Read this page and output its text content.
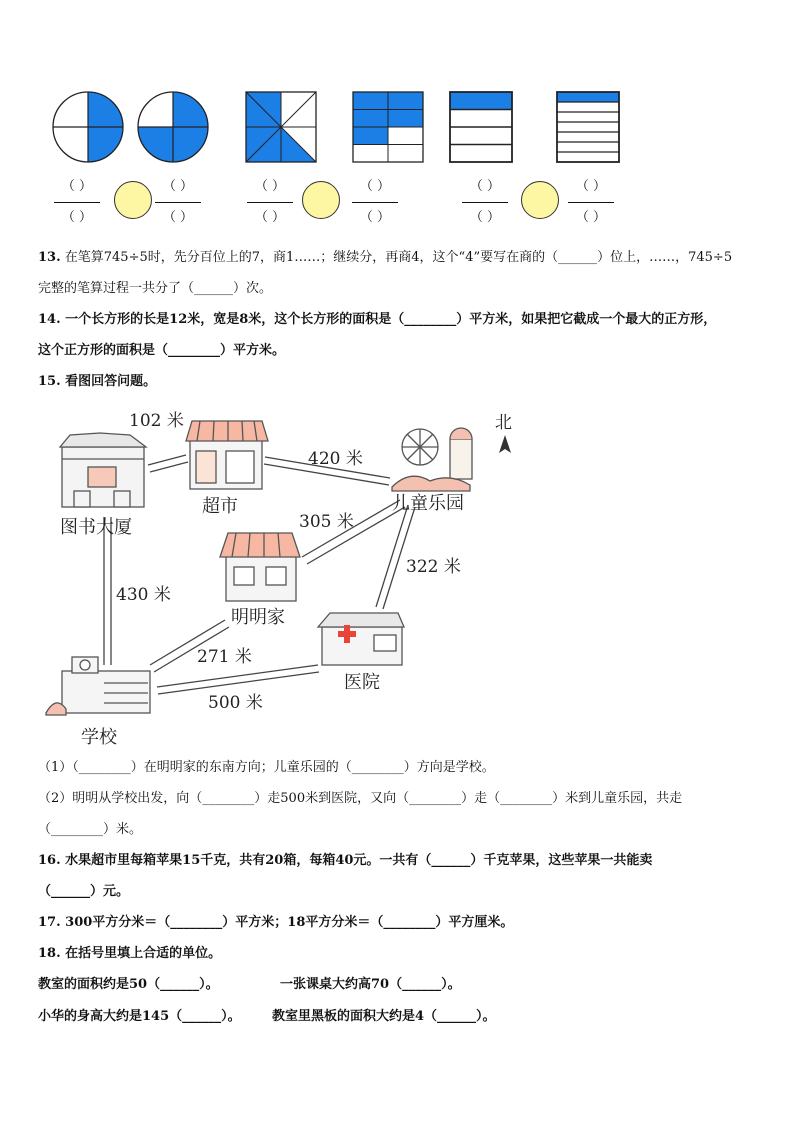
（ ）
（ ）
（ ）
（ ）
（ ）
（ ）
（ ）
（ ）
（ ）
（ ）
（ ）
（ ）
13. 在笔算745÷5时，先分百位上的7，商1……；继续分，再商4，这个“4”要写在商的（______）位上，……，745÷5
完整的笔算过程一共分了（______）次。
14. 一个长方形的长是12米，宽是8米，这个长方形的面积是（________）平方米，如果把它截成一个最大的正方形，
这个正方形的面积是（________）平方米。
15. 看图回答问题。
北
102 米
420 米
超市	儿童乐园
图书大厦	305 米
322 米
430 米
明明家
271 米
医院
500 米
学校
（1）（________）在明明家的东南方向；儿童乐园的（________）方向是学校。
（2）明明从学校出发，向（________）走500米到医院，又向（________）走（________）米到儿童乐园，共走
（________）米。
16. 水果超市里每箱苹果15千克，共有20箱，每箱40元。一共有（______）千克苹果，这些苹果一共能卖
（______）元。
17. 300平方分米＝（________）平方米；18平方分米＝（________）平方厘米。
18. 在括号里填上合适的单位。
教室的面积约是50（______）。	一张课桌大约高70（______）。
小华的身高大约是145（______）。 教室里黑板的面积大约是4（______）。
